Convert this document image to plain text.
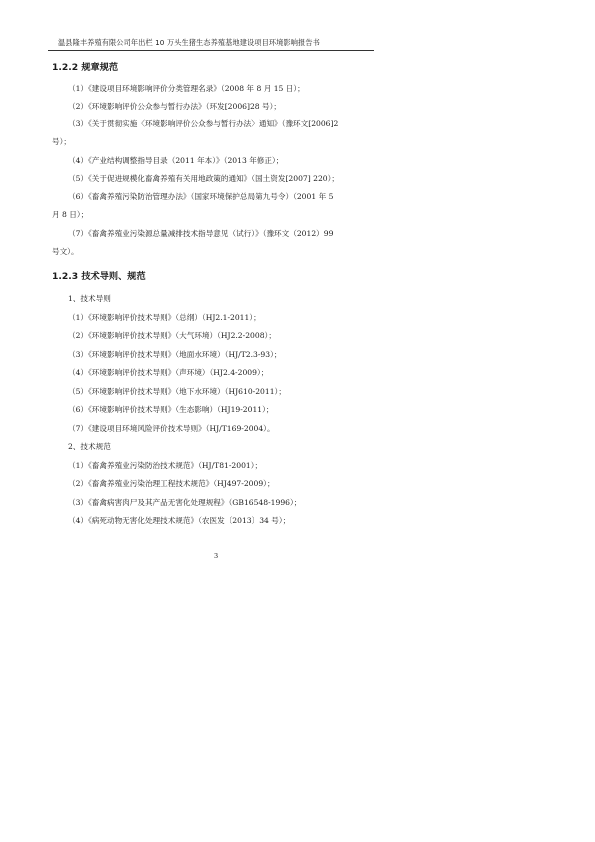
温县隆丰养殖有限公司年出栏 10 万头生猪生态养殖基地建设项目环境影响报告书
1.2.2 规章规范
（1）《建设项目环境影响评价分类管理名录》（2008 年 8 月 15 日）；
（2）《环境影响评价公众参与暂行办法》（环发[2006]28 号）；
（3）《关于贯彻实施〈环境影响评价公众参与暂行办法〉通知》（豫环文[2006]2
号）；
（4）《产业结构调整指导目录（2011 年本）》（2013 年修正）；
（5）《关于促进规模化畜禽养殖有关用地政策的通知》（国土资发[2007] 220）；
（6）《畜禽养殖污染防治管理办法》（国家环境保护总局第九号令）（2001 年 5
月 8 日）；
（7）《畜禽养殖业污染源总量减排技术指导意见（试行）》（豫环文（2012）99
号文）。
1.2.3 技术导则、规范
1、技术导则
（1）《环境影响评价技术导则》（总纲）（HJ2.1-2011）；
（2）《环境影响评价技术导则》（大气环境）（HJ2.2-2008）；
（3）《环境影响评价技术导则》（地面水环境）（HJ/T2.3-93）；
（4）《环境影响评价技术导则》（声环境）（HJ2.4-2009）；
（5）《环境影响评价技术导则》（地下水环境）（HJ610-2011）；
（6）《环境影响评价技术导则》（生态影响）（HJ19-2011）；
（7）《建设项目环境风险评价技术导则》（HJ/T169-2004）。
2、技术规范
（1）《畜禽养殖业污染防治技术规范》（HJ/T81-2001）；
（2）《畜禽养殖业污染治理工程技术规范》（HJ497-2009）；
（3）《畜禽病害肉尸及其产品无害化处理规程》（GB16548-1996）；
（4）《病死动物无害化处理技术规范》（农医发〔2013〕34 号）；
3
